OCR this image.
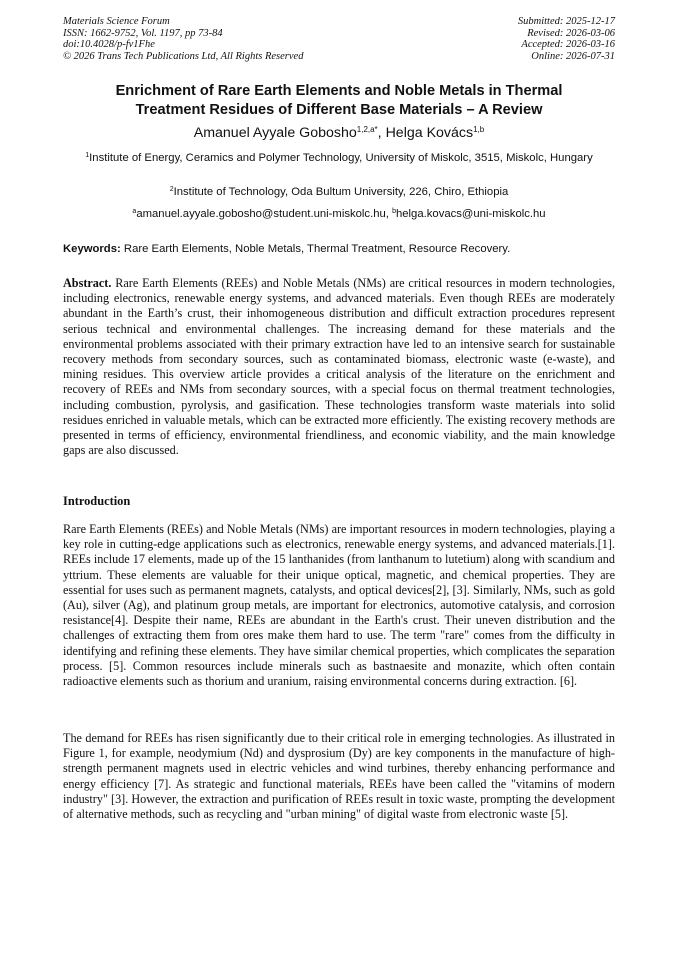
Materials Science Forum
ISSN: 1662-9752, Vol. 1197, pp 73-84
doi:10.4028/p-fv1Fhe
© 2026 Trans Tech Publications Ltd, All Rights Reserved
Submitted: 2025-12-17
Revised: 2026-03-06
Accepted: 2026-03-16
Online: 2026-07-31
Enrichment of Rare Earth Elements and Noble Metals in Thermal
Treatment Residues of Different Base Materials – A Review
Amanuel Ayyale Gobosho$^{1,2,a*}$, Helga Kovács$^{1,b}$
$^1$Institute of Energy, Ceramics and Polymer Technology, University of Miskolc, 3515, Miskolc, Hungary
$^2$Institute of Technology, Oda Bultum University, 226, Chiro, Ethiopia
$^a$amanuel.ayyale.gobosho@student.uni-miskolc.hu, $^b$helga.kovacs@uni-miskolc.hu
Keywords: Rare Earth Elements, Noble Metals, Thermal Treatment, Resource Recovery.
Abstract. Rare Earth Elements (REEs) and Noble Metals (NMs) are critical resources in modern technologies, including electronics, renewable energy systems, and advanced materials. Even though REEs are moderately abundant in the Earth’s crust, their inhomogeneous distribution and difficult extraction procedures represent serious technical and environmental challenges. The increasing demand for these materials and the environmental problems associated with their primary extraction have led to an intensive search for sustainable recovery methods from secondary sources, such as contaminated biomass, electronic waste (e-waste), and mining residues. This overview article provides a critical analysis of the literature on the enrichment and recovery of REEs and NMs from secondary sources, with a special focus on thermal treatment technologies, including combustion, pyrolysis, and gasification. These technologies transform waste materials into solid residues enriched in valuable metals, which can be extracted more efficiently. The existing recovery methods are presented in terms of efficiency, environmental friendliness, and economic viability, and the main knowledge gaps are also discussed.
Introduction

Rare Earth Elements (REEs) and Noble Metals (NMs) are important resources in modern technologies, playing a key role in cutting-edge applications such as electronics, renewable energy systems, and advanced materials.[1]. REEs include 17 elements, made up of the 15 lanthanides (from lanthanum to lutetium) along with scandium and yttrium. These elements are valuable for their unique optical, magnetic, and chemical properties. They are essential for uses such as permanent magnets, catalysts, and optical devices[2], [3]. Similarly, NMs, such as gold (Au), silver (Ag), and platinum group metals, are important for electronics, automotive catalysis, and corrosion resistance[4]. Despite their name, REEs are abundant in the Earth's crust. Their uneven distribution and the challenges of extracting them from ores make them hard to use. The term "rare" comes from the difficulty in identifying and refining these elements. They have similar chemical properties, which complicates the separation process. [5]. Common resources include minerals such as bastnaesite and monazite, which often contain radioactive elements such as thorium and uranium, raising environmental concerns during extraction. [6].

The demand for REEs has risen significantly due to their critical role in emerging technologies. As illustrated in Figure 1, for example, neodymium (Nd) and dysprosium (Dy) are key components in the manufacture of high-strength permanent magnets used in electric vehicles and wind turbines, thereby enhancing performance and energy efficiency [7]. As strategic and functional materials, REEs have been called the "vitamins of modern industry" [3]. However, the extraction and purification of REEs result in toxic waste, prompting the development of alternative methods, such as recycling and "urban mining" of digital waste from electronic waste [5].
